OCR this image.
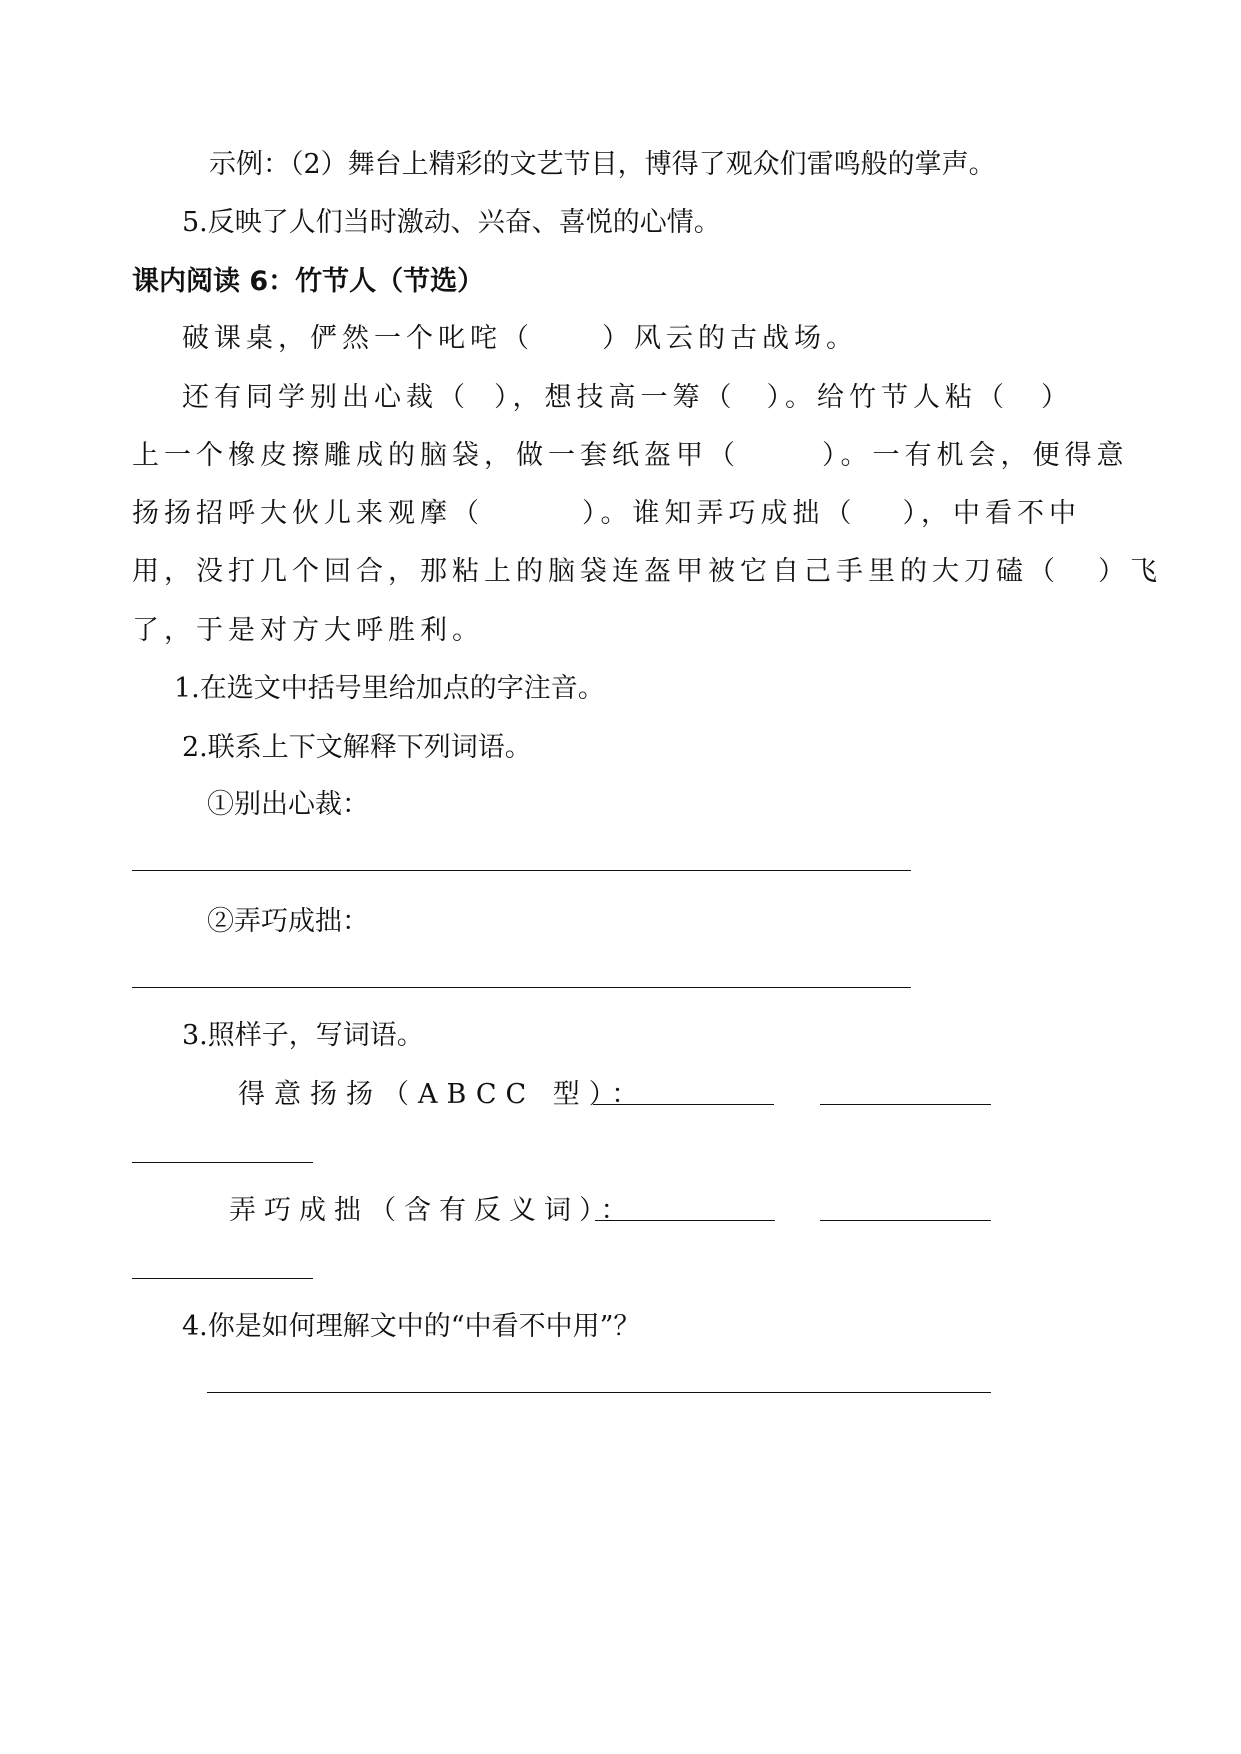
示例：（2）舞台上精彩的文艺节目，博得了观众们雷鸣般的掌声。
5.反映了人们当时激动、兴奋、喜悦的心情。
课内阅读 6：竹节人（节选）
破课桌，俨然一个叱咤（	）风云的古战场。
还有同学别出心裁（ ），想技高一筹（ ）。给竹节人粘（ ）
上一个橡皮擦雕成的脑袋，做一套纸盔甲（	）。一有机会，便得意
扬扬招呼大伙儿来观摩（	）。谁知弄巧成拙（ ），中看不中
用，没打几个回合，那粘上的脑袋连盔甲被它自己手里的大刀磕（ ）飞
了，于是对方大呼胜利。
1.在选文中括号里给加点的字注音。
2.联系上下文解释下列词语。
①别出心裁：
②弄巧成拙：
3.照样子，写词语。
得意扬扬（ABCC 型）：
弄巧成拙（含有反义词）：
4.你是如何理解文中的“中看不中用”？
